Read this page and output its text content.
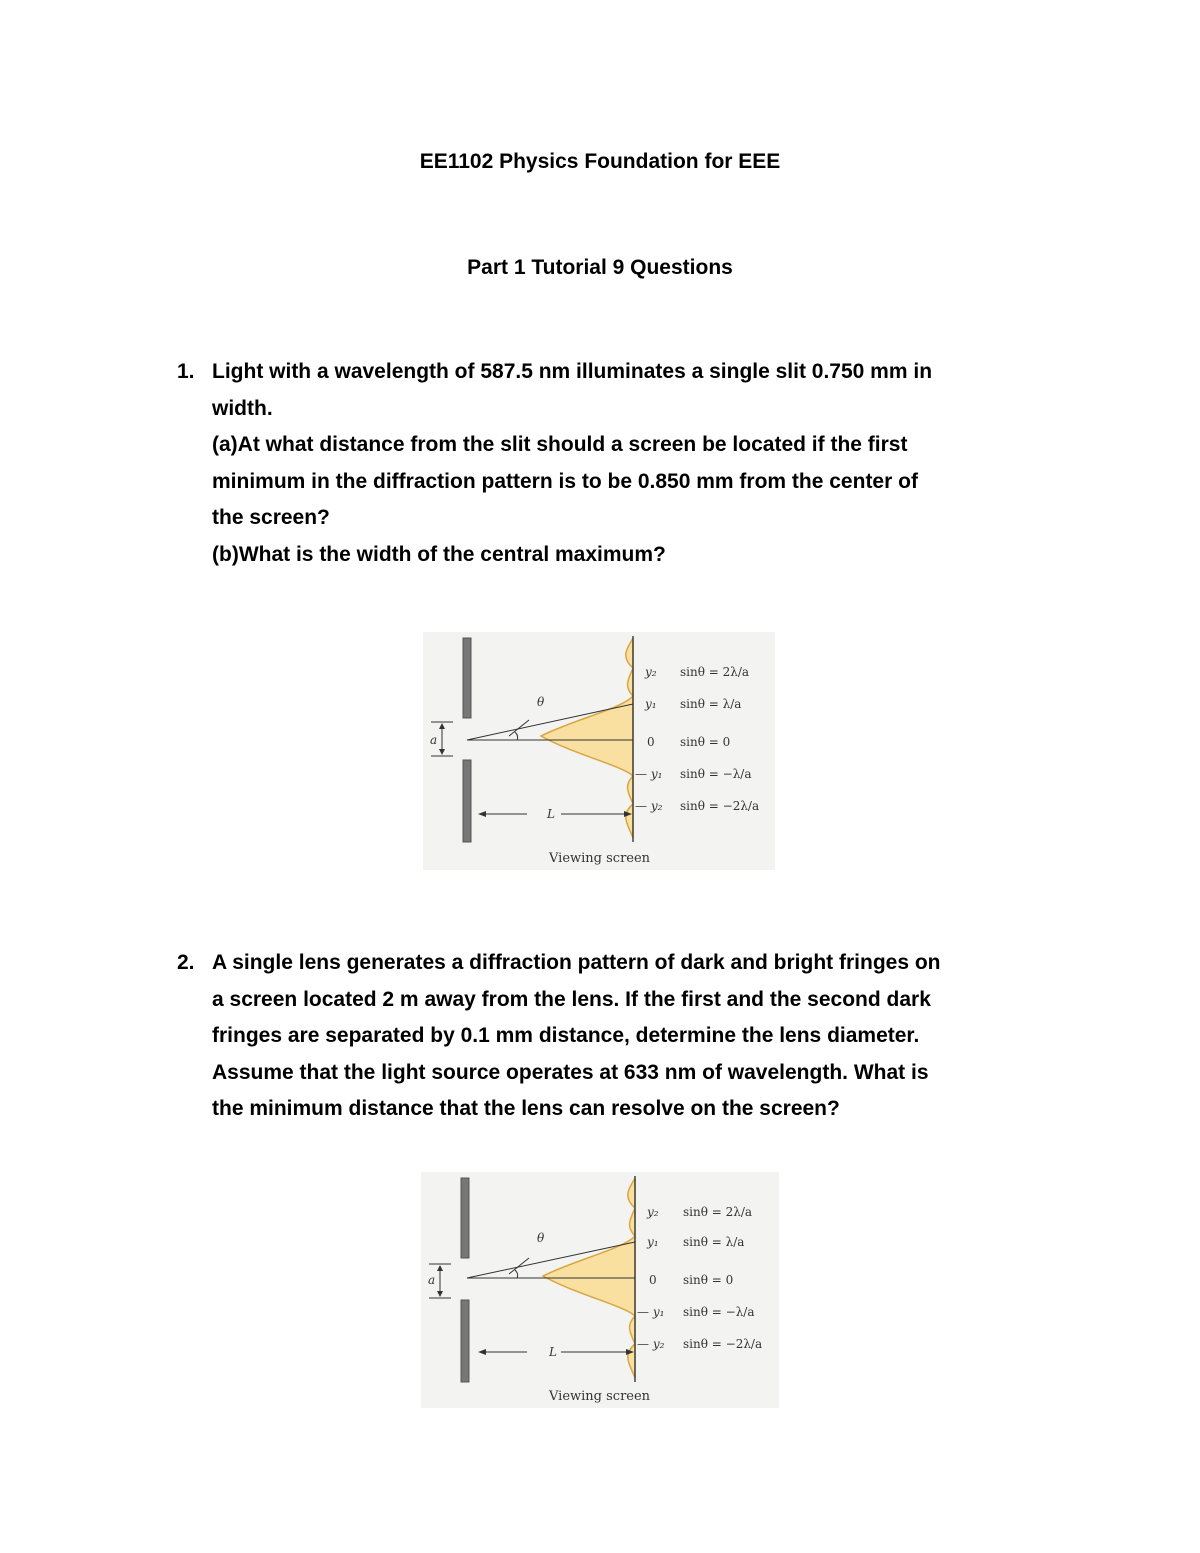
EE1102 Physics Foundation for EEE
Part 1 Tutorial 9 Questions
1. Light with a wavelength of 587.5 nm illuminates a single slit 0.750 mm in
width.
(a)At what distance from the slit should a screen be located if the first
minimum in the diffraction pattern is to be 0.850 mm from the center of
the screen?
(b)What is the width of the central maximum?
a
θ
L
y₂
y₁
0
— y₁
— y₂
sinθ = 2λ/a
sinθ = λ/a
sinθ = 0
sinθ = −λ/a
sinθ = −2λ/a
Viewing screen
2. A single lens generates a diffraction pattern of dark and bright fringes on
a screen located 2 m away from the lens. If the first and the second dark
fringes are separated by 0.1 mm distance, determine the lens diameter.
Assume that the light source operates at 633 nm of wavelength. What is
the minimum distance that the lens can resolve on the screen?
a
θ
L
y₂
y₁
0
— y₁
— y₂
sinθ = 2λ/a
sinθ = λ/a
sinθ = 0
sinθ = −λ/a
sinθ = −2λ/a
Viewing screen
